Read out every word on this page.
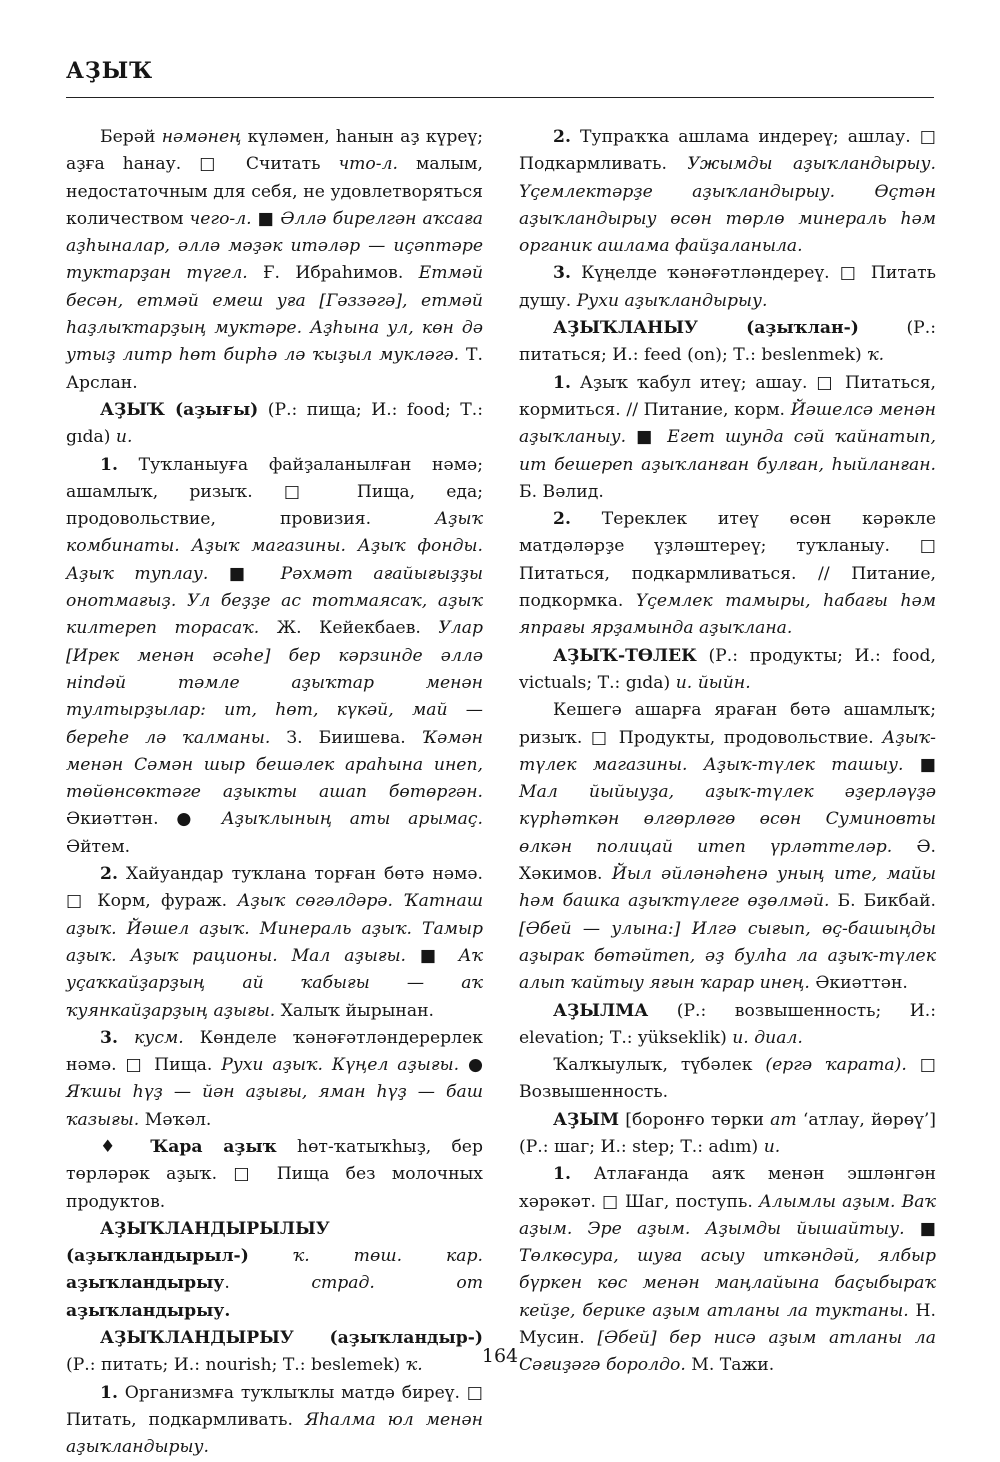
АҘЫҠ

Берәй нәмәнең күләмен, һанын аҙ күреү; аҙға һанау. □ Считать что-л. малым, недостаточным для себя, не удовлетворяться количеством чего-л. ■ Әллә бирелгән аҡсаға аҙһыналар, әллә мәҙәк итәләр — иҫәптәре туктарҙан түгел. Ғ. Ибраһимов. Етмәй бесән, етмәй емеш уға [Гәззәгә], етмәй һаҙлыҡтарҙың муктәре. Аҙһына ул, көн дә утыҙ литр һөт бирһә лә ҡыҙыл мукләгә. Т. Арслан.

АҘЫҠ (аҙығы) (Р.: пища; И.: food; Т.: gıda) и.

1. Туҡланыуға файҙаланылған нәмә; ашамлыҡ, ризыҡ. □ Пища, еда; продовольствие, провизия. Аҙыҡ комбинаты. Аҙыҡ магазины. Аҙыҡ фонды. Аҙыҡ туплау. ■ Рәхмәт ағайығыҙҙы онотмағыҙ. Ул беҙҙе ас тотмаясаҡ, аҙыҡ килтереп торасаҡ. Ж. Кейекбаев. Улар [Ирек менән әсәһе] бер кәрзинде әллә нindәй тәмле аҙыҡтар менән тултырҙылар: ит, һөт, күкәй, май — береһе лә ҡалманы. З. Биишева. Ҡәмән менән Сәмән шыр бешәлек араһына инеп, төйөнсөктәге аҙыкты ашап бөтөргән. Әкиәттән. ● Аҙыҡлының аты арымаҫ. Әйтем.

2. Хайуандар туҡлана торған бөтә нәмә. □ Корм, фураж. Аҙыҡ сөгәлдәрә. Ҡатнаш аҙыҡ. Йәшел аҙыҡ. Минераль аҙыҡ. Тамыр аҙыҡ. Аҙыҡ рационы. Мал аҙығы. ■ Аҡ уҫаҡкайҙарҙың ай ҡабығы — аҡ ҡуянкайҙарҙың аҙығы. Халыҡ йырынан.

3. кусм. Көнделе ҡәнәғәтләндерерлек нәмә. □ Пища. Рухи аҙыҡ. Күңел аҙығы. ● Яҡшы һүҙ — йән аҙығы, яман һүҙ — баш ҡазығы. Мәҡәл.

♦ Ҡара аҙыҡ һөт-ҡатыҡһыҙ, бер төрләрәк аҙыҡ. □ Пища без молочных продуктов.

АҘЫҠЛАНДЫРЫЛЫУ (аҙыҡландырыл-)	ҡ. төш. кар. аҙыҡландырыу. страд. от аҙыҡландырыу.

АҘЫҠЛАНДЫРЫУ (аҙыҡландыр-) (Р.: питать; И.: nourish; Т.: beslemek) ҡ.

1. Организмға туҡлыҡлы матдә биреү. □ Питать, подкармливать. Яһалма юл менән аҙыҡландырыу.

2. Тупраҡҡа ашлама индереү; ашлау. □ Подкармливать. Ужымды аҙыҡландырыу. Үҫемлектәрҙе аҙыҡландырыу. Өҫтән аҙыҡландырыу өсөн төрлө минераль һәм органик ашлама файҙаланыла.

3. Күңелде ҡәнәғәтләндереү. □ Питать душу. Рухи аҙыҡландырыу.

АҘЫҠЛАНЫУ (аҙыҡлан-) (Р.: питаться; И.: feed (on); Т.: beslenmek) ҡ.

1. Аҙыҡ ҡабул итеү; ашау. □ Питаться, кормиться. // Питание, корм. Йәшелсә менән аҙыҡланыу. ■ Егет шунда сәй ҡайнатып, ит бешереп аҙыҡланған булған, һыйланған. Б. Вәлид.

2. Тереклек итеү өсөн кәрәкле матдәләрҙе үҙләштереү; туҡланыу. □ Питаться, подкармливаться. // Питание, подкормка. Үҫемлек тамыры, һабағы һәм япрағы ярҙамында аҙыҡлана.

АҘЫҠ-ТӨЛЕК (Р.: продукты; И.: food, victuals; Т.: gıda) и. йыйн.

Кешегә ашарға яраған бөтә ашамлыҡ; ризыҡ. □ Продукты, продовольствие. Аҙыҡ-түлек магазины. Аҙыҡ-түлек ташыу. ■ Мал йыйыуҙа, аҙыҡ-түлек әҙерләүҙә күрһәткән өлгөрлөгө өсөн Суминовты өлкән полицай итеп үрләттеләр. Ә. Хәкимов. Йыл әйләнәһенә уның ите, майы һәм башка аҙыҡтүлеге өҙөлмәй. Б. Бикбай. [Әбей — улына:] Илгә сығып, өҫ-башыңды аҙырак бөтәйтеп, әҙ булһа ла аҙыҡ-түлек алып ҡайтыу яғын ҡарар инең. Әкиәттән.

АҘЫЛМА (Р.: возвышенность; И.: elevation; Т.: yükseklik) и. диал.

Ҡалҡыулыҡ, түбәлек (ергә ҡарата). □ Возвышенность.

АҘЫМ [боронғо төрки ат ‘атлау, йөрөү’] (Р.: шаг; И.: step; Т.: adım) и.

1. Атлағанда аяҡ менән эшләнгән хәрәкәт. □ Шаг, поступь. Алымлы аҙым. Ваҡ аҙым. Эре аҙым. Аҙымды йышайтыу. ■ Төлкөсура, шуға асыу иткәндәй, ялбыр бүркен көс менән маңлайына баҫыбыраҡ кейҙе, берике аҙым атланы ла туктаны. Н. Мусин. [Әбей] бер нисә аҙым атланы ла Сәғиҙәгә боролдо. М. Тажи.

164
